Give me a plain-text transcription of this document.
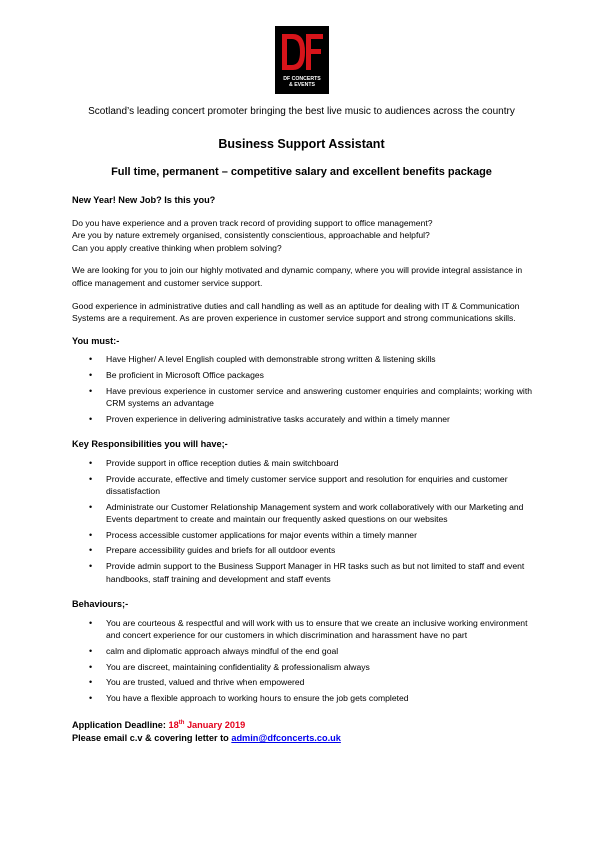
DF CONCERTS
& EVENTS
Scotland’s leading concert promoter bringing the best live music to audiences across the country
Business Support Assistant
Full time, permanent – competitive salary and excellent benefits package

New Year! New Job? Is this you?

Do you have experience and a proven track record of providing support to office management?

Are you by nature extremely organised, consistently conscientious, approachable and helpful?

Can you apply creative thinking when problem solving?

We are looking for you to join our highly motivated and dynamic company, where you will provide integral assistance in office management and customer service support.

Good experience in administrative duties and call handling as well as an aptitude for dealing with IT & Communication Systems are a requirement. As are proven experience in customer service support and strong communications skills.

You must:-

• Have Higher/ A level English coupled with demonstrable strong written & listening skills
• Be proficient in Microsoft Office packages
• Have previous experience in customer service and answering customer enquiries and complaints; working with CRM systems an advantage
• Proven experience in delivering administrative tasks accurately and within a timely manner

Key Responsibilities you will have;-

• Provide support in office reception duties & main switchboard
• Provide accurate, effective and timely customer service support and resolution for enquiries and customer dissatisfaction
• Administrate our Customer Relationship Management system and work collaboratively with our Marketing and Events department to create and maintain our frequently asked questions on our websites
• Process accessible customer applications for major events within a timely manner
• Prepare accessibility guides and briefs for all outdoor events
• Provide admin support to the Business Support Manager in HR tasks such as but not limited to staff and event handbooks, staff training and development and staff events

Behaviours;-

• You are courteous & respectful and will work with us to ensure that we create an inclusive working environment and concert experience for our customers in which discrimination and harassment have no part
• calm and diplomatic approach always mindful of the end goal
• You are discreet, maintaining confidentiality & professionalism always
• You are trusted, valued and thrive when empowered
• You have a flexible approach to working hours to ensure the job gets completed

Application Deadline: 18th January 2019

Please email c.v & covering letter to admin@dfconcerts.co.uk
